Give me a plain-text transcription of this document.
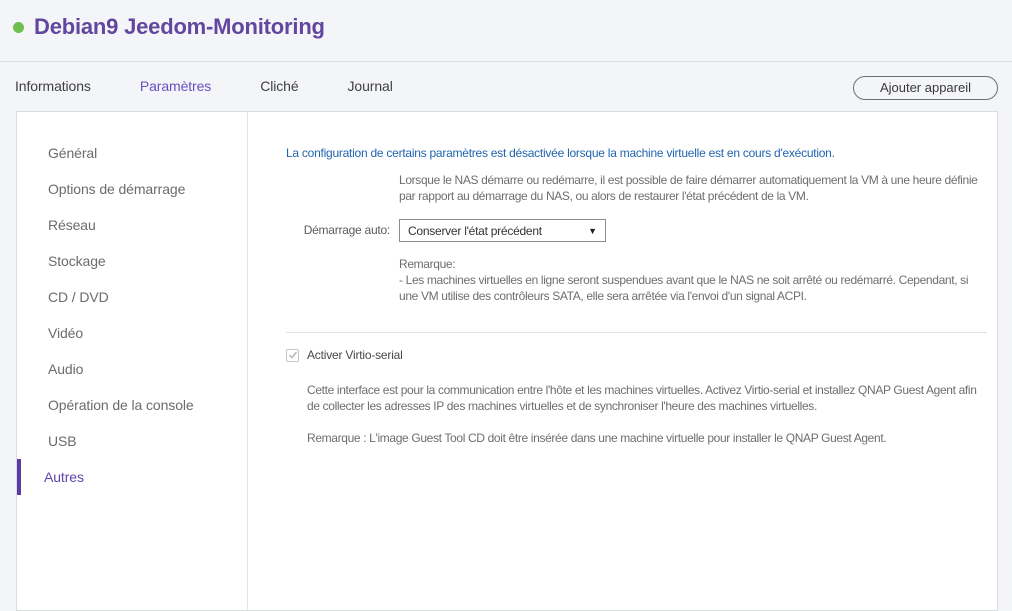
Debian9 Jeedom-Monitoring
Informations	Paramètres	Cliché	Journal	Ajouter appareil
Général
Options de démarrage
Réseau
Stockage
CD / DVD
Vidéo
Audio
Opération de la console
USB
Autres
La configuration de certains paramètres est désactivée lorsque la machine virtuelle est en cours d'exécution.
Lorsque le NAS démarre ou redémarre, il est possible de faire démarrer automatiquement la VM à une heure définie par rapport au démarrage du NAS, ou alors de restaurer l'état précédent de la VM.
Démarrage auto:	Conserver l'état précédent	▼
Remarque:
- Les machines virtuelles en ligne seront suspendues avant que le NAS ne soit arrêté ou redémarré. Cependant, si une VM utilise des contrôleurs SATA, elle sera arrêtée via l'envoi d'un signal ACPI.
Activer Virtio-serial
Cette interface est pour la communication entre l'hôte et les machines virtuelles. Activez Virtio-serial et installez QNAP Guest Agent afin de collecter les adresses IP des machines virtuelles et de synchroniser l'heure des machines virtuelles.
Remarque : L'image Guest Tool CD doit être insérée dans une machine virtuelle pour installer le QNAP Guest Agent.
